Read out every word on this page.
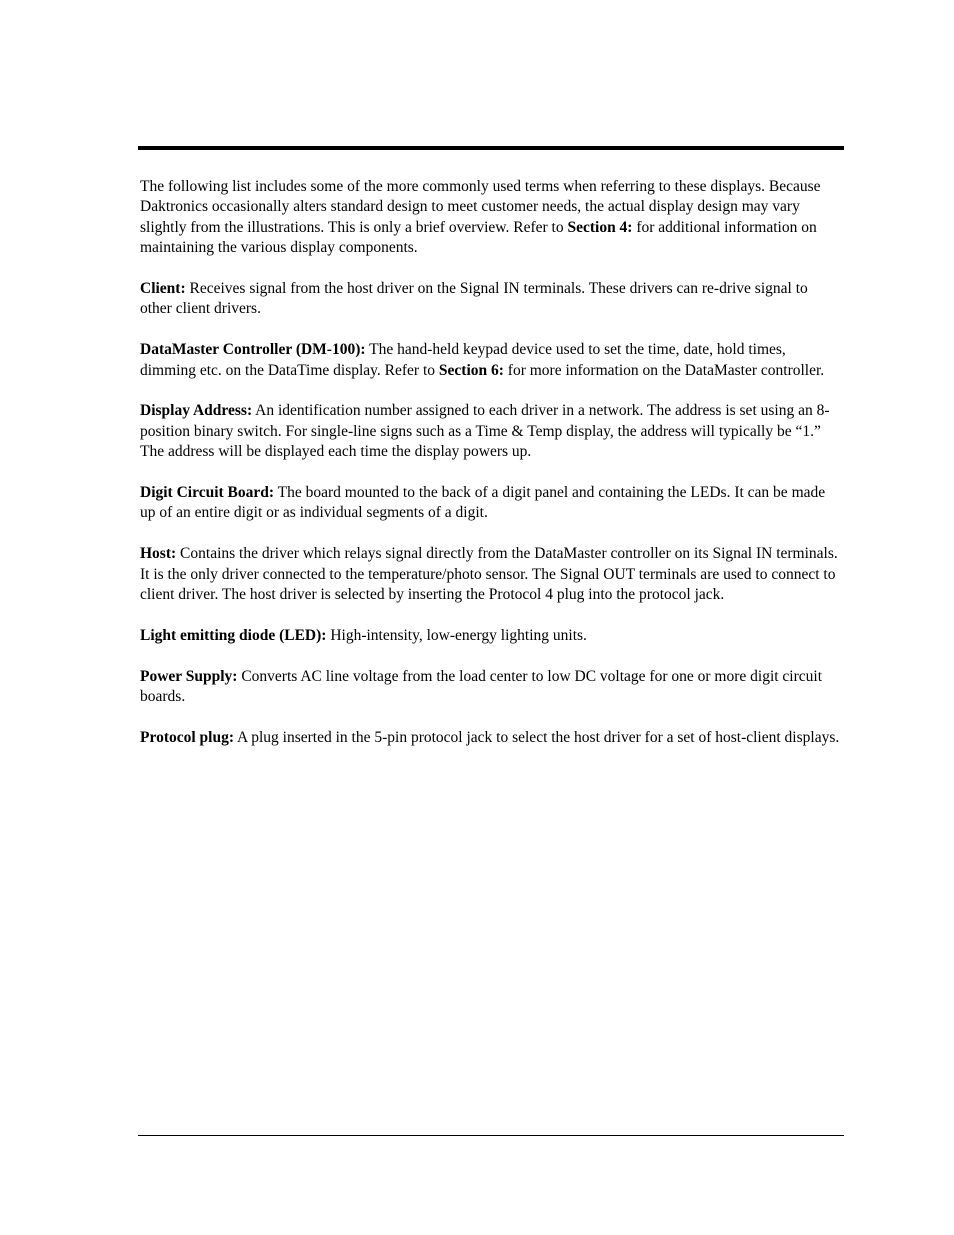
The following list includes some of the more commonly used terms when referring to these displays. Because Daktronics occasionally alters standard design to meet customer needs, the actual display design may vary slightly from the illustrations. This is only a brief overview. Refer to Section 4: for additional information on maintaining the various display components.

Client: Receives signal from the host driver on the Signal IN terminals. These drivers can re-drive signal to other client drivers.

DataMaster Controller (DM-100): The hand-held keypad device used to set the time, date, hold times, dimming etc. on the DataTime display. Refer to Section 6: for more information on the DataMaster controller.

Display Address: An identification number assigned to each driver in a network. The address is set using an 8-position binary switch. For single-line signs such as a Time & Temp display, the address will typically be “1.” The address will be displayed each time the display powers up.

Digit Circuit Board: The board mounted to the back of a digit panel and containing the LEDs. It can be made up of an entire digit or as individual segments of a digit.

Host: Contains the driver which relays signal directly from the DataMaster controller on its Signal IN terminals. It is the only driver connected to the temperature/photo sensor. The Signal OUT terminals are used to connect to client driver. The host driver is selected by inserting the Protocol 4 plug into the protocol jack.

Light emitting diode (LED): High-intensity, low-energy lighting units.

Power Supply: Converts AC line voltage from the load center to low DC voltage for one or more digit circuit boards.

Protocol plug: A plug inserted in the 5-pin protocol jack to select the host driver for a set of host-client displays.
